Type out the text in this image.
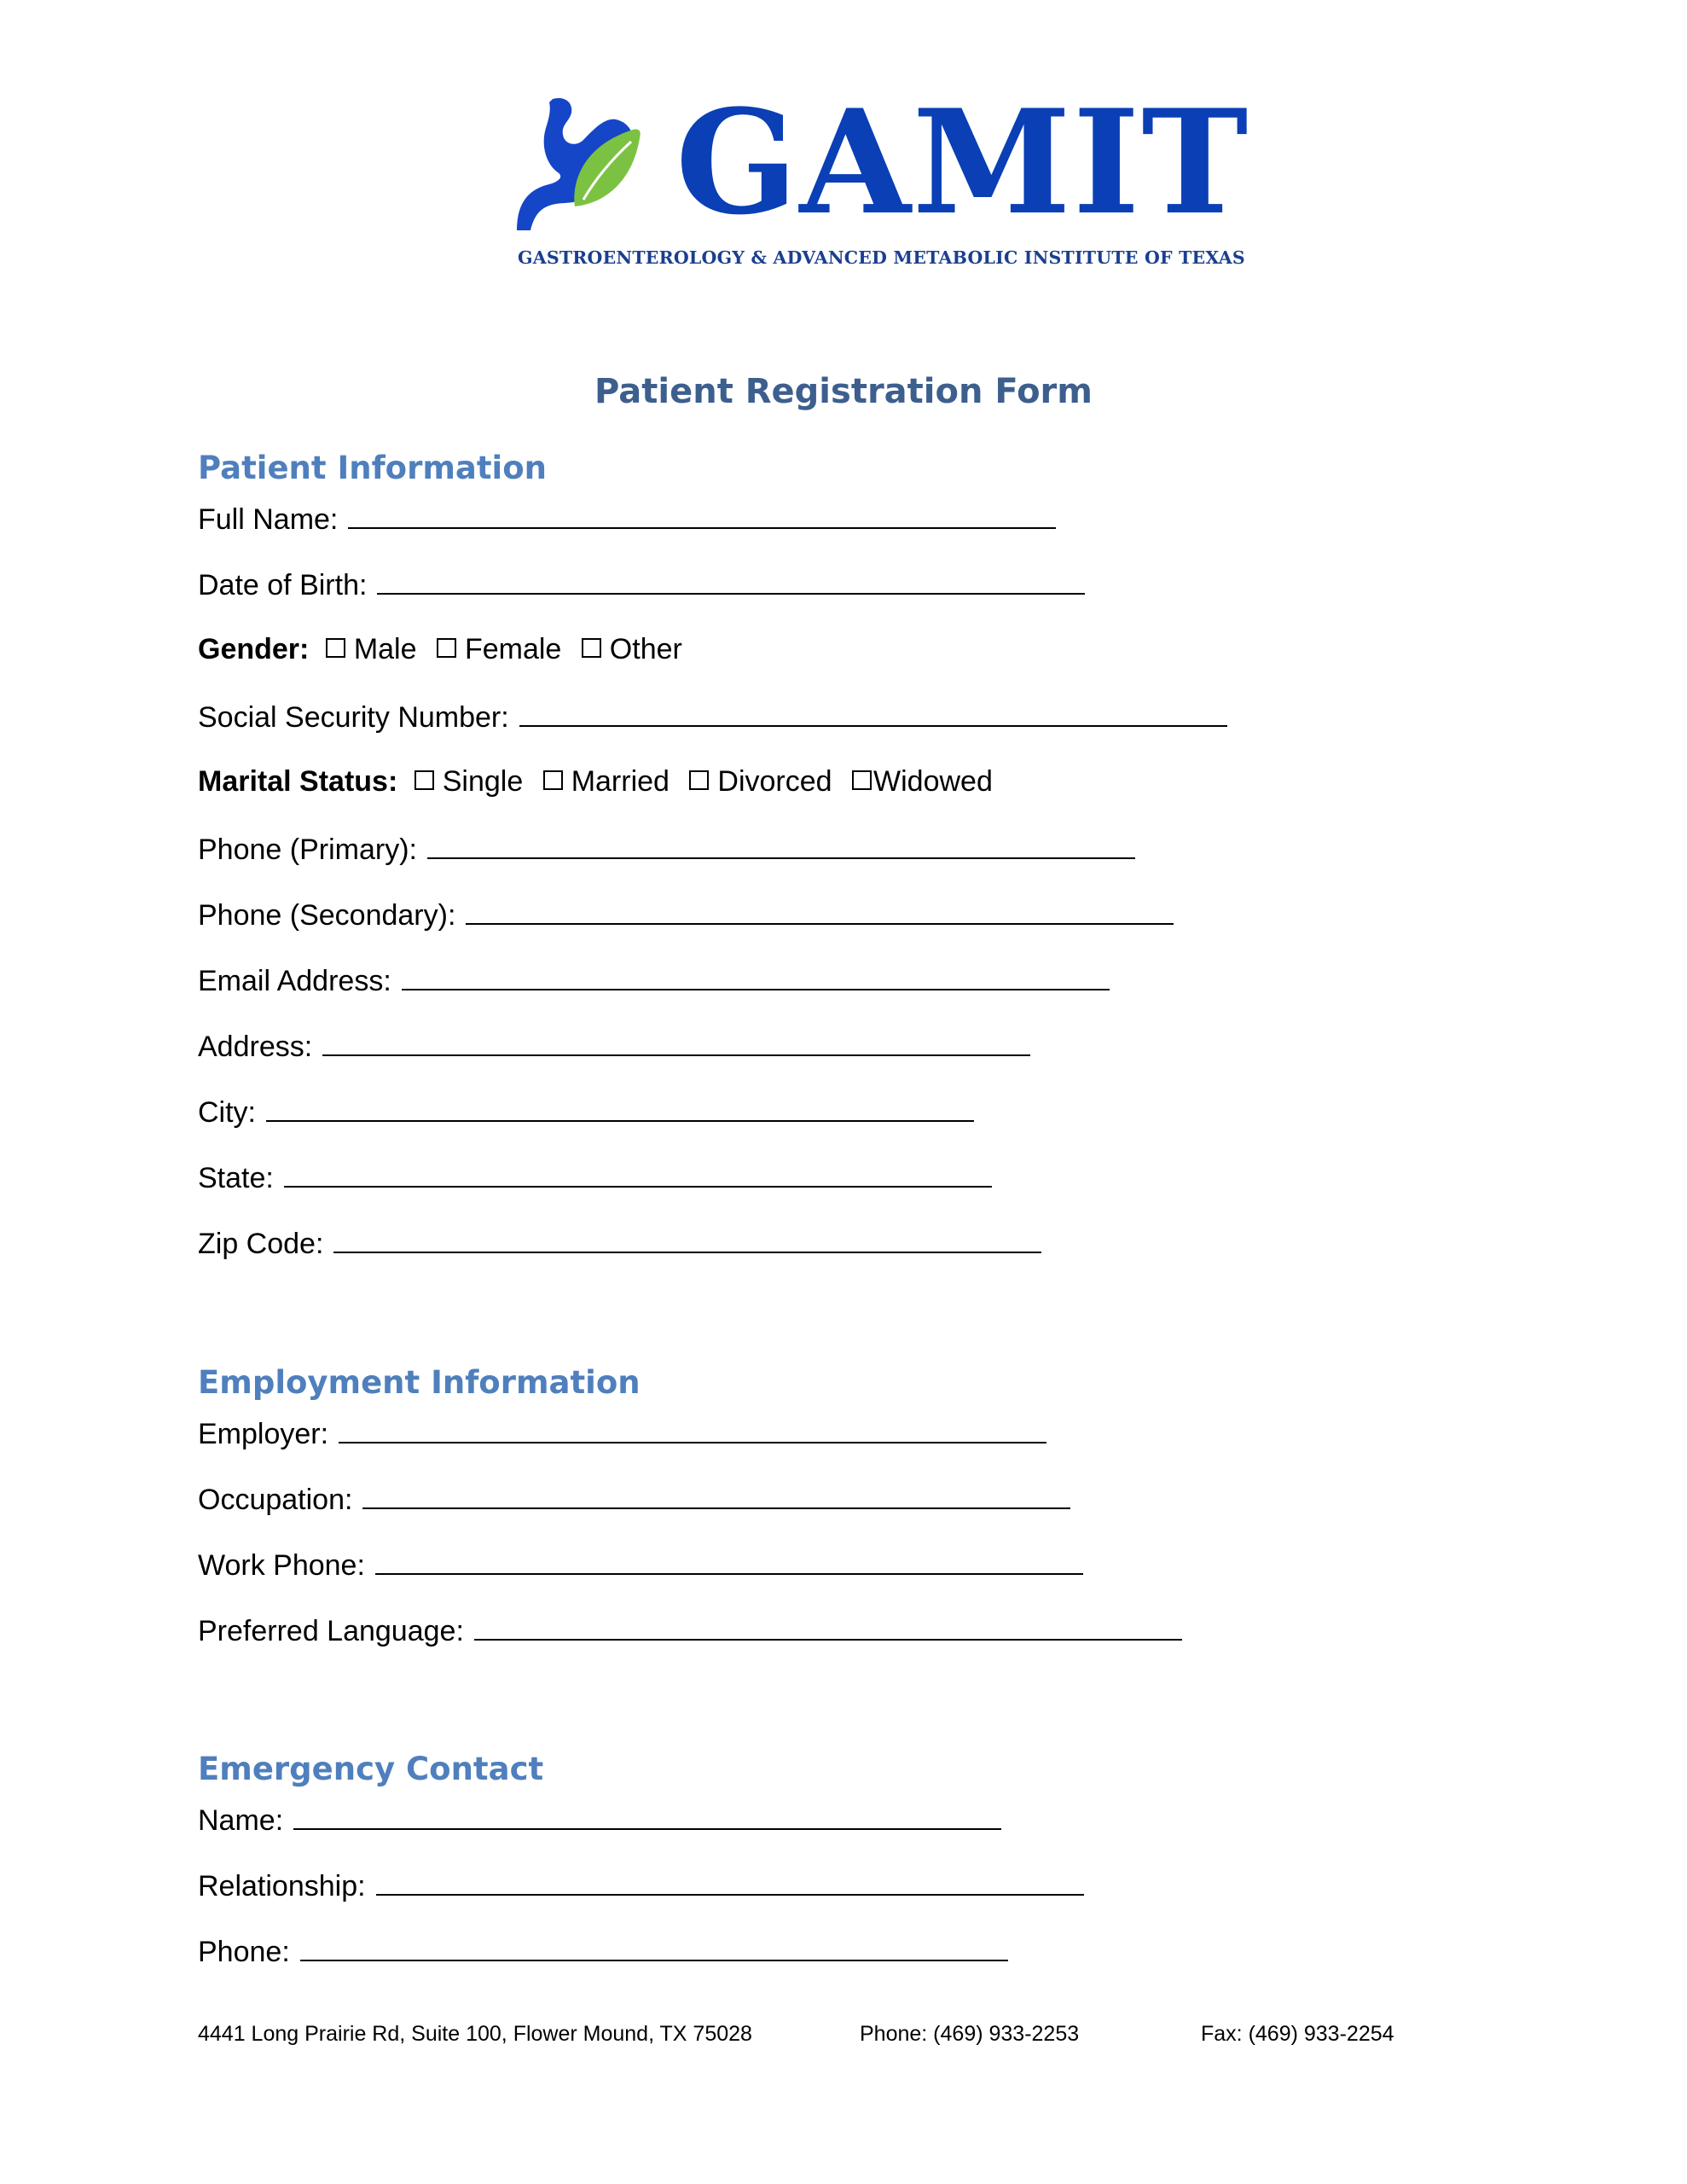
GAMIT
GASTROENTEROLOGY & ADVANCED METABOLIC INSTITUTE OF TEXAS
Patient Registration Form
Patient Information
Full Name:
Date of Birth:
Gender: Male Female Other
Social Security Number:
Marital Status: Single Married Divorced Widowed
Phone (Primary):
Phone (Secondary):
Email Address:
Address:
City:
State:
Zip Code:
Employment Information
Employer:
Occupation:
Work Phone:
Preferred Language:
Emergency Contact
Name:
Relationship:
Phone:
4441 Long Prairie Rd, Suite 100, Flower Mound, TX 75028	Phone: (469) 933-2253	Fax: (469) 933-2254
